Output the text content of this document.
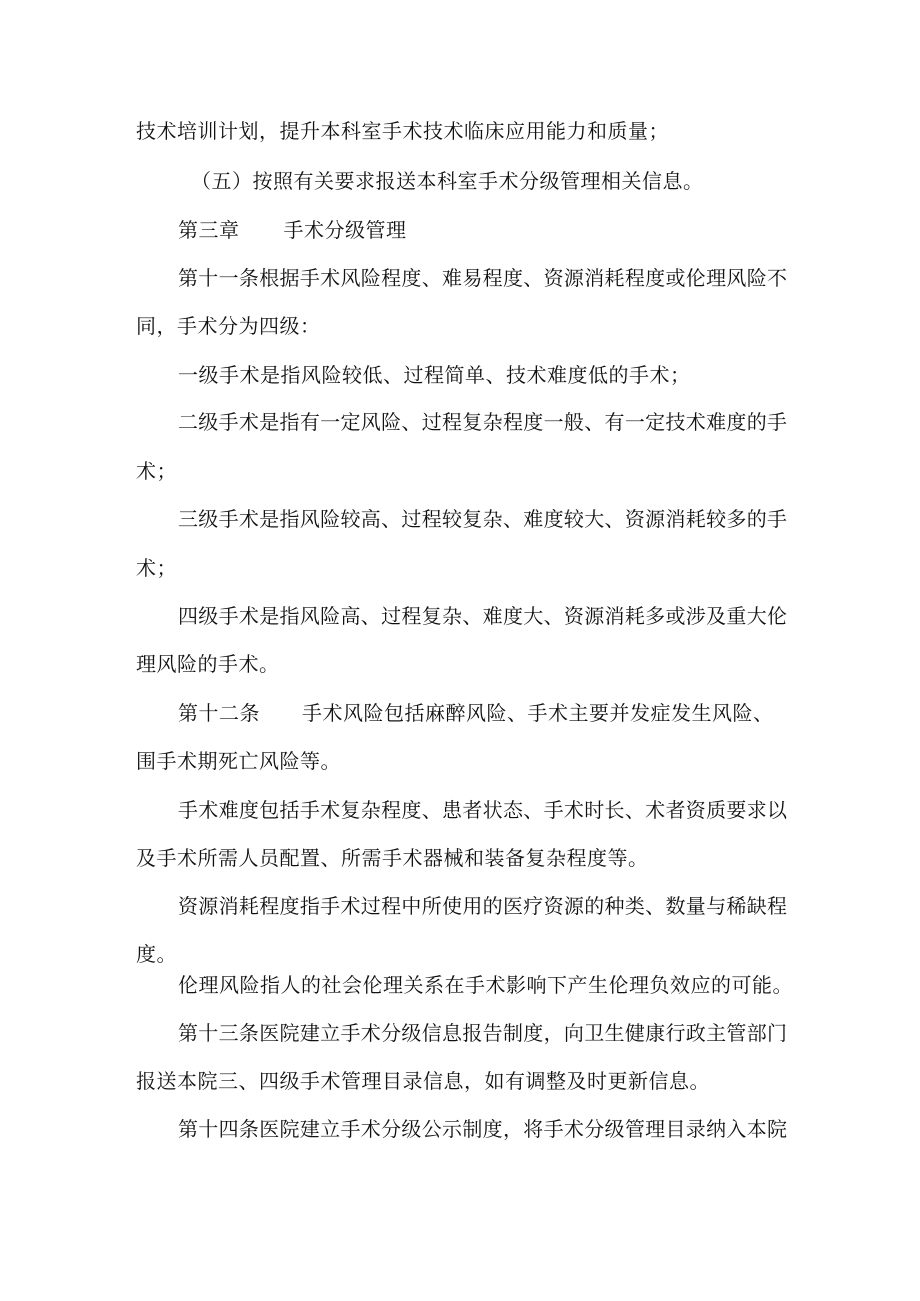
技术培训计划，提升本科室手术技术临床应用能力和质量；
（五）按照有关要求报送本科室手术分级管理相关信息。
第三章 手术分级管理
第十一条根据手术风险程度、难易程度、资源消耗程度或伦理风险不
同，手术分为四级：
一级手术是指风险较低、过程简单、技术难度低的手术；
二级手术是指有一定风险、过程复杂程度一般、有一定技术难度的手
术；
三级手术是指风险较高、过程较复杂、难度较大、资源消耗较多的手
术；
四级手术是指风险高、过程复杂、难度大、资源消耗多或涉及重大伦
理风险的手术。
第十二条 手术风险包括麻醉风险、手术主要并发症发生风险、
围手术期死亡风险等。
手术难度包括手术复杂程度、患者状态、手术时长、术者资质要求以
及手术所需人员配置、所需手术器械和装备复杂程度等。
资源消耗程度指手术过程中所使用的医疗资源的种类、数量与稀缺程
度。
伦理风险指人的社会伦理关系在手术影响下产生伦理负效应的可能。
第十三条医院建立手术分级信息报告制度，向卫生健康行政主管部门
报送本院三、四级手术管理目录信息，如有调整及时更新信息。
第十四条医院建立手术分级公示制度，将手术分级管理目录纳入本院
